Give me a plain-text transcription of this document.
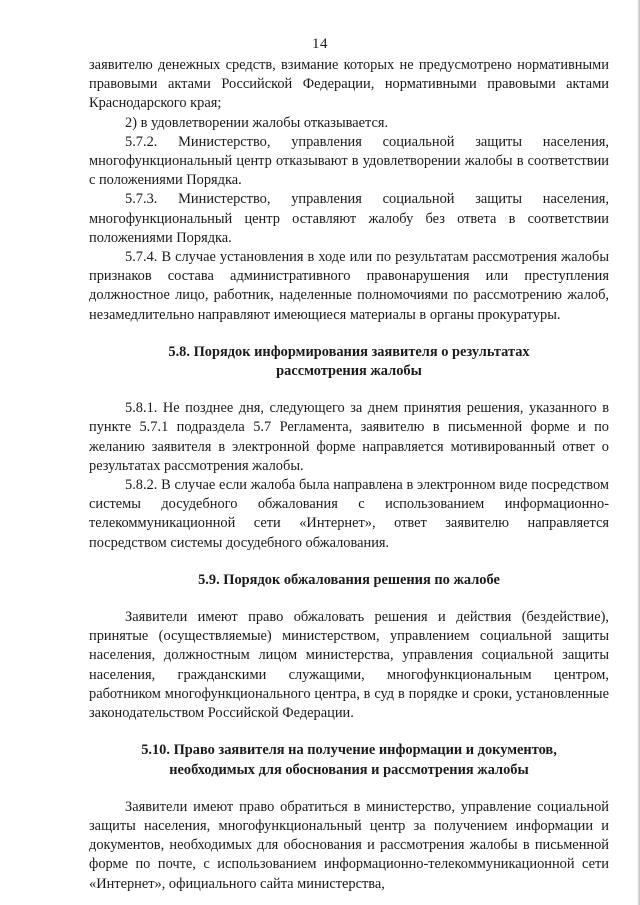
14

заявителю денежных средств, взимание которых не предусмотрено нормативными правовыми актами Российской Федерации, нормативными правовыми актами Краснодарского края;

2) в удовлетворении жалобы отказывается.

5.7.2. Министерство, управления социальной защиты населения, многофункциональный центр отказывают в удовлетворении жалобы в соответствии с положениями Порядка.

5.7.3. Министерство, управления социальной защиты населения, многофункциональный центр оставляют жалобу без ответа в соответствии положениями Порядка.

5.7.4. В случае установления в ходе или по результатам рассмотрения жалобы признаков состава административного правонарушения или преступления должностное лицо, работник, наделенные полномочиями по рассмотрению жалоб, незамедлительно направляют имеющиеся материалы в органы прокуратуры.

5.8. Порядок информирования заявителя о результатах

рассмотрения жалобы

5.8.1. Не позднее дня, следующего за днем принятия решения, указанного в пункте 5.7.1 подраздела 5.7 Регламента, заявителю в письменной форме и по желанию заявителя в электронной форме направляется мотивированный ответ о результатах рассмотрения жалобы.

5.8.2. В случае если жалоба была направлена в электронном виде посредством системы досудебного обжалования с использованием информационно-телекоммуникационной сети «Интернет», ответ заявителю направляется посредством системы досудебного обжалования.

5.9. Порядок обжалования решения по жалобе

Заявители имеют право обжаловать решения и действия (бездействие), принятые (осуществляемые) министерством, управлением социальной защиты населения, должностным лицом министерства, управления социальной защиты населения, гражданскими служащими, многофункциональным центром, работником многофункционального центра, в суд в порядке и сроки, установленные законодательством Российской Федерации.

5.10. Право заявителя на получение информации и документов,

необходимых для обоснования и рассмотрения жалобы

Заявители имеют право обратиться в министерство, управление социальной защиты населения, многофункциональный центр за получением информации и документов, необходимых для обоснования и рассмотрения жалобы в письменной форме по почте, с использованием информационно-телекоммуникационной сети «Интернет», официального сайта министерства,
